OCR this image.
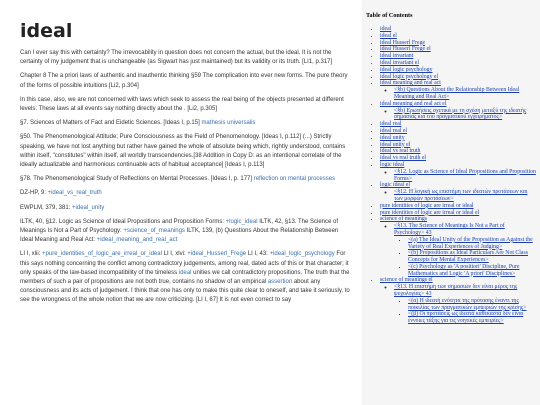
ideal

Can I ever say this with certainty? The irrevocability in question does not concern the actual, but the ideal. It is not the certainty of my judgement that is unchangeable (as Sigwart has just maintained) but its validity or its truth. [LI1, p.317]

Chapter 8 The a priori laws of authentic and inauthentic thinking §59 The complication into ever new forms. The pure theory of the forms of possible intuitions [Li2, p.304]

In this case, also, we are not concerned with laws which seek to assess the real being of the objects presented at different levels: These laws at all events say nothing directly about the . [Li2, p.305]

§7. Sciences of Matters of Fact and Eidetic Sciences. [Ideas I, p.15] mathesis universalis

§50. The Phenomenological Attitude; Pure Consciousness as the Field of Phenomenology. [Ideas I, p.112] (...) Strictly speaking, we have not lost anything but rather have gained the whole of absolute being which, rightly understood, contains within itself, "constitutes" within itself, all worldly transcendencies.[38 Addition in Copy D: as an intentional correlate of the ideally actualizable and harmonious continuable acts of habitual acceptance] [Ideas I, p.113]

§78. The Phenomenological Study of Reflections on Mental Processes. [Ideas I, p. 177] reflection on mental processes

DZ-HP, 9: +ideal_vs_real_truth

EWPLM, 379, 381: +ideal_unity

ILTK, 40, §12. Logic as Science of Ideal Propositions and Proposition Forms: +logic_ideal ILTK, 42, §13. The Science of Meanings Is Not a Part of Psychology: +science_of_meanings ILTK, 139, (b) Questions About the Relationship Between Ideal Meaning and Real Act: +ideal_meaning_and_real_act

LI I, xlii: +pure_identities_of_logic_are_irreal_or_ideal LI I, xlvi: +ideal_Husserl_Frege LI I, 43: +ideal_logic_psychology For this says nothing concerning the conflict among contradictory judgements, among real, dated acts of this or that character; it only speaks of the law-based incompatibility of the timeless ideal unities we call contradictory propositions. The truth that the members of such a pair of propositions are not both true, contains no shadow of an empirical assertion about any consciousness and its acts of judgement. I think that one has only to make this quite clear to oneself, and take it seriously, to see the wrongness of the whole notion that we are now criticizing. [LI I, 67] It is not even correct to say

Table of Contents
• ideal
• ideal el
• ideal Husserl Frege
• ideal Husserl Frege el
• ideal invariant
• ideal invariant el
• ideal logic psychology
• ideal logic psychology el
• ideal meaning and real act
◦ <§b) Questions About the Relationship Between Ideal Meaning and Real Act>
• ideal meaning and real act el
◦ <§b) Ερωτήσεις σχετικά με τη σχέση μεταξύ της ιδεατής σημασίας και του πραγματικού εγχειρήματος>
• ideal real
• ideal real el
• ideal unity
• ideal unity el
• ideal vs real truth
• ideal vs real truth el
• logic ideal
◦ <§12. Logic as Science of Ideal Propositions and Proposition Forms>
• logic ideal el
◦ <§12. Η λογική ως επιστήμη των ιδεατών προτάσεων και των μορφών προτάσεων>
• pure identities of logic are irreal or ideal
• pure identities of logic are irreal or ideal el
• science of meanings
◦ <§13. The Science of Meanings Is Not a Part of Psychology> 43
▪ <(a) The Ideal Unity of the Proposition as Against the Variety of Real Experiences of Judging>
▪ <(b) Propositions as Ideal Particulars Are Not Class Concepts for Mental Experiences>
▪ <(c) Psychology as 'A positiori' Discipline, Pure Mathematics and Logic 'A priori' Disciplines>
• science of meanings el
◦ <§13. Η επιστήμη των σημασιών δεν είναι μέρος της ψυχολογίας> 43
▪ <(α) Η ιδεατή ενότητα της πρότασης έναντι της ποικιλίας των πραγματικών εμπειριών της κρίσης>
▪ <(β) Οι προτάσεις ως ιδεατά καθέκαστα δεν είναι έννοιες τάξης για τις νοητικές εμπειρίες>
